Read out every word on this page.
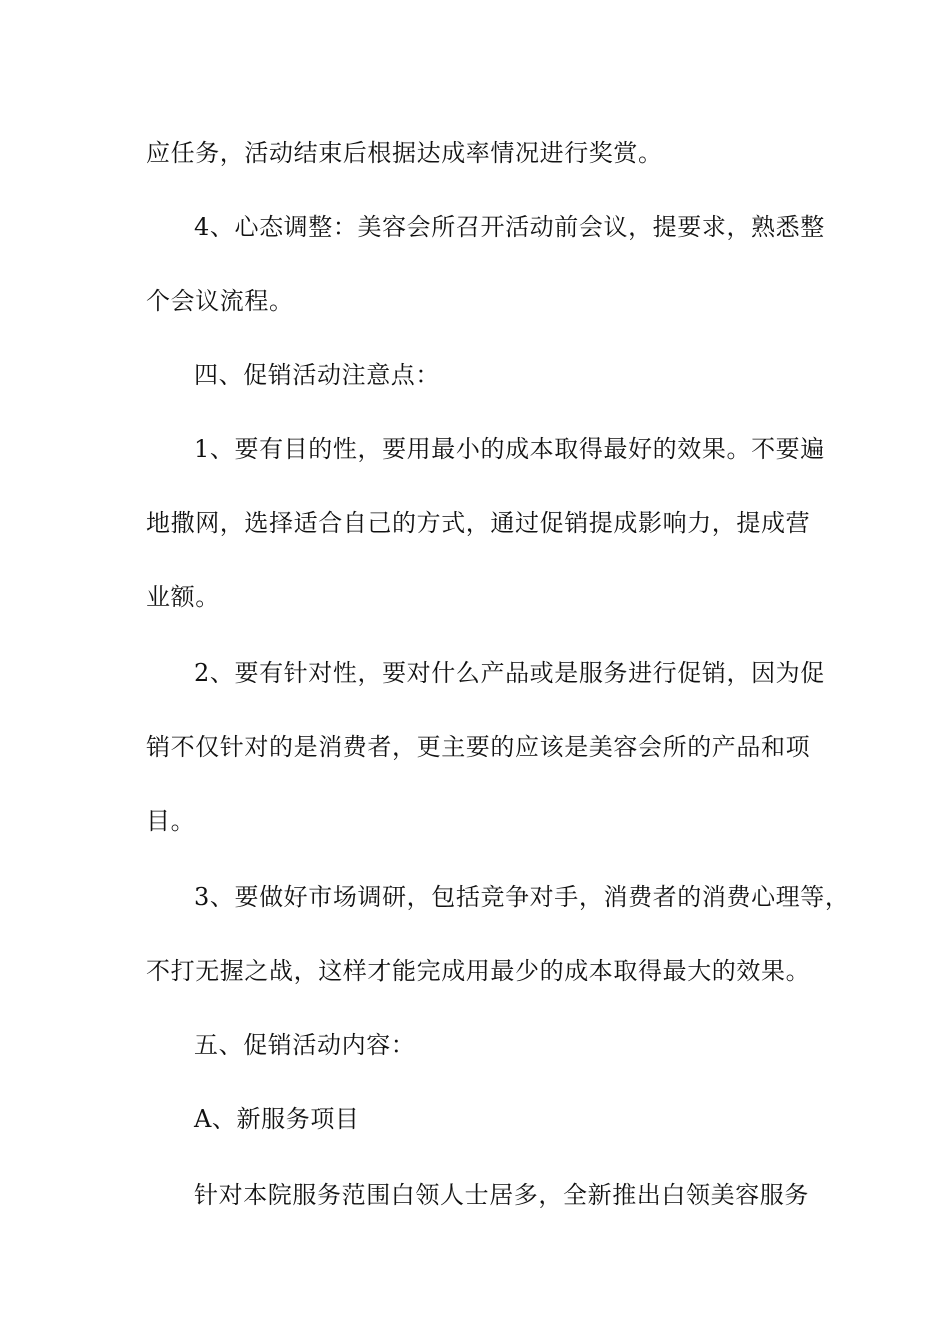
应任务，活动结束后根据达成率情况进行奖赏。
4、心态调整：美容会所召开活动前会议，提要求，熟悉整
个会议流程。
四、促销活动注意点：
1、要有目的性，要用最小的成本取得最好的效果。不要遍
地撒网，选择适合自己的方式，通过促销提成影响力，提成营
业额。
2、要有针对性，要对什么产品或是服务进行促销，因为促
销不仅针对的是消费者，更主要的应该是美容会所的产品和项
目。
3、要做好市场调研，包括竞争对手，消费者的消费心理等，
不打无握之战，这样才能完成用最少的成本取得最大的效果。
五、促销活动内容：
A、新服务项目
针对本院服务范围白领人士居多，全新推出白领美容服务
